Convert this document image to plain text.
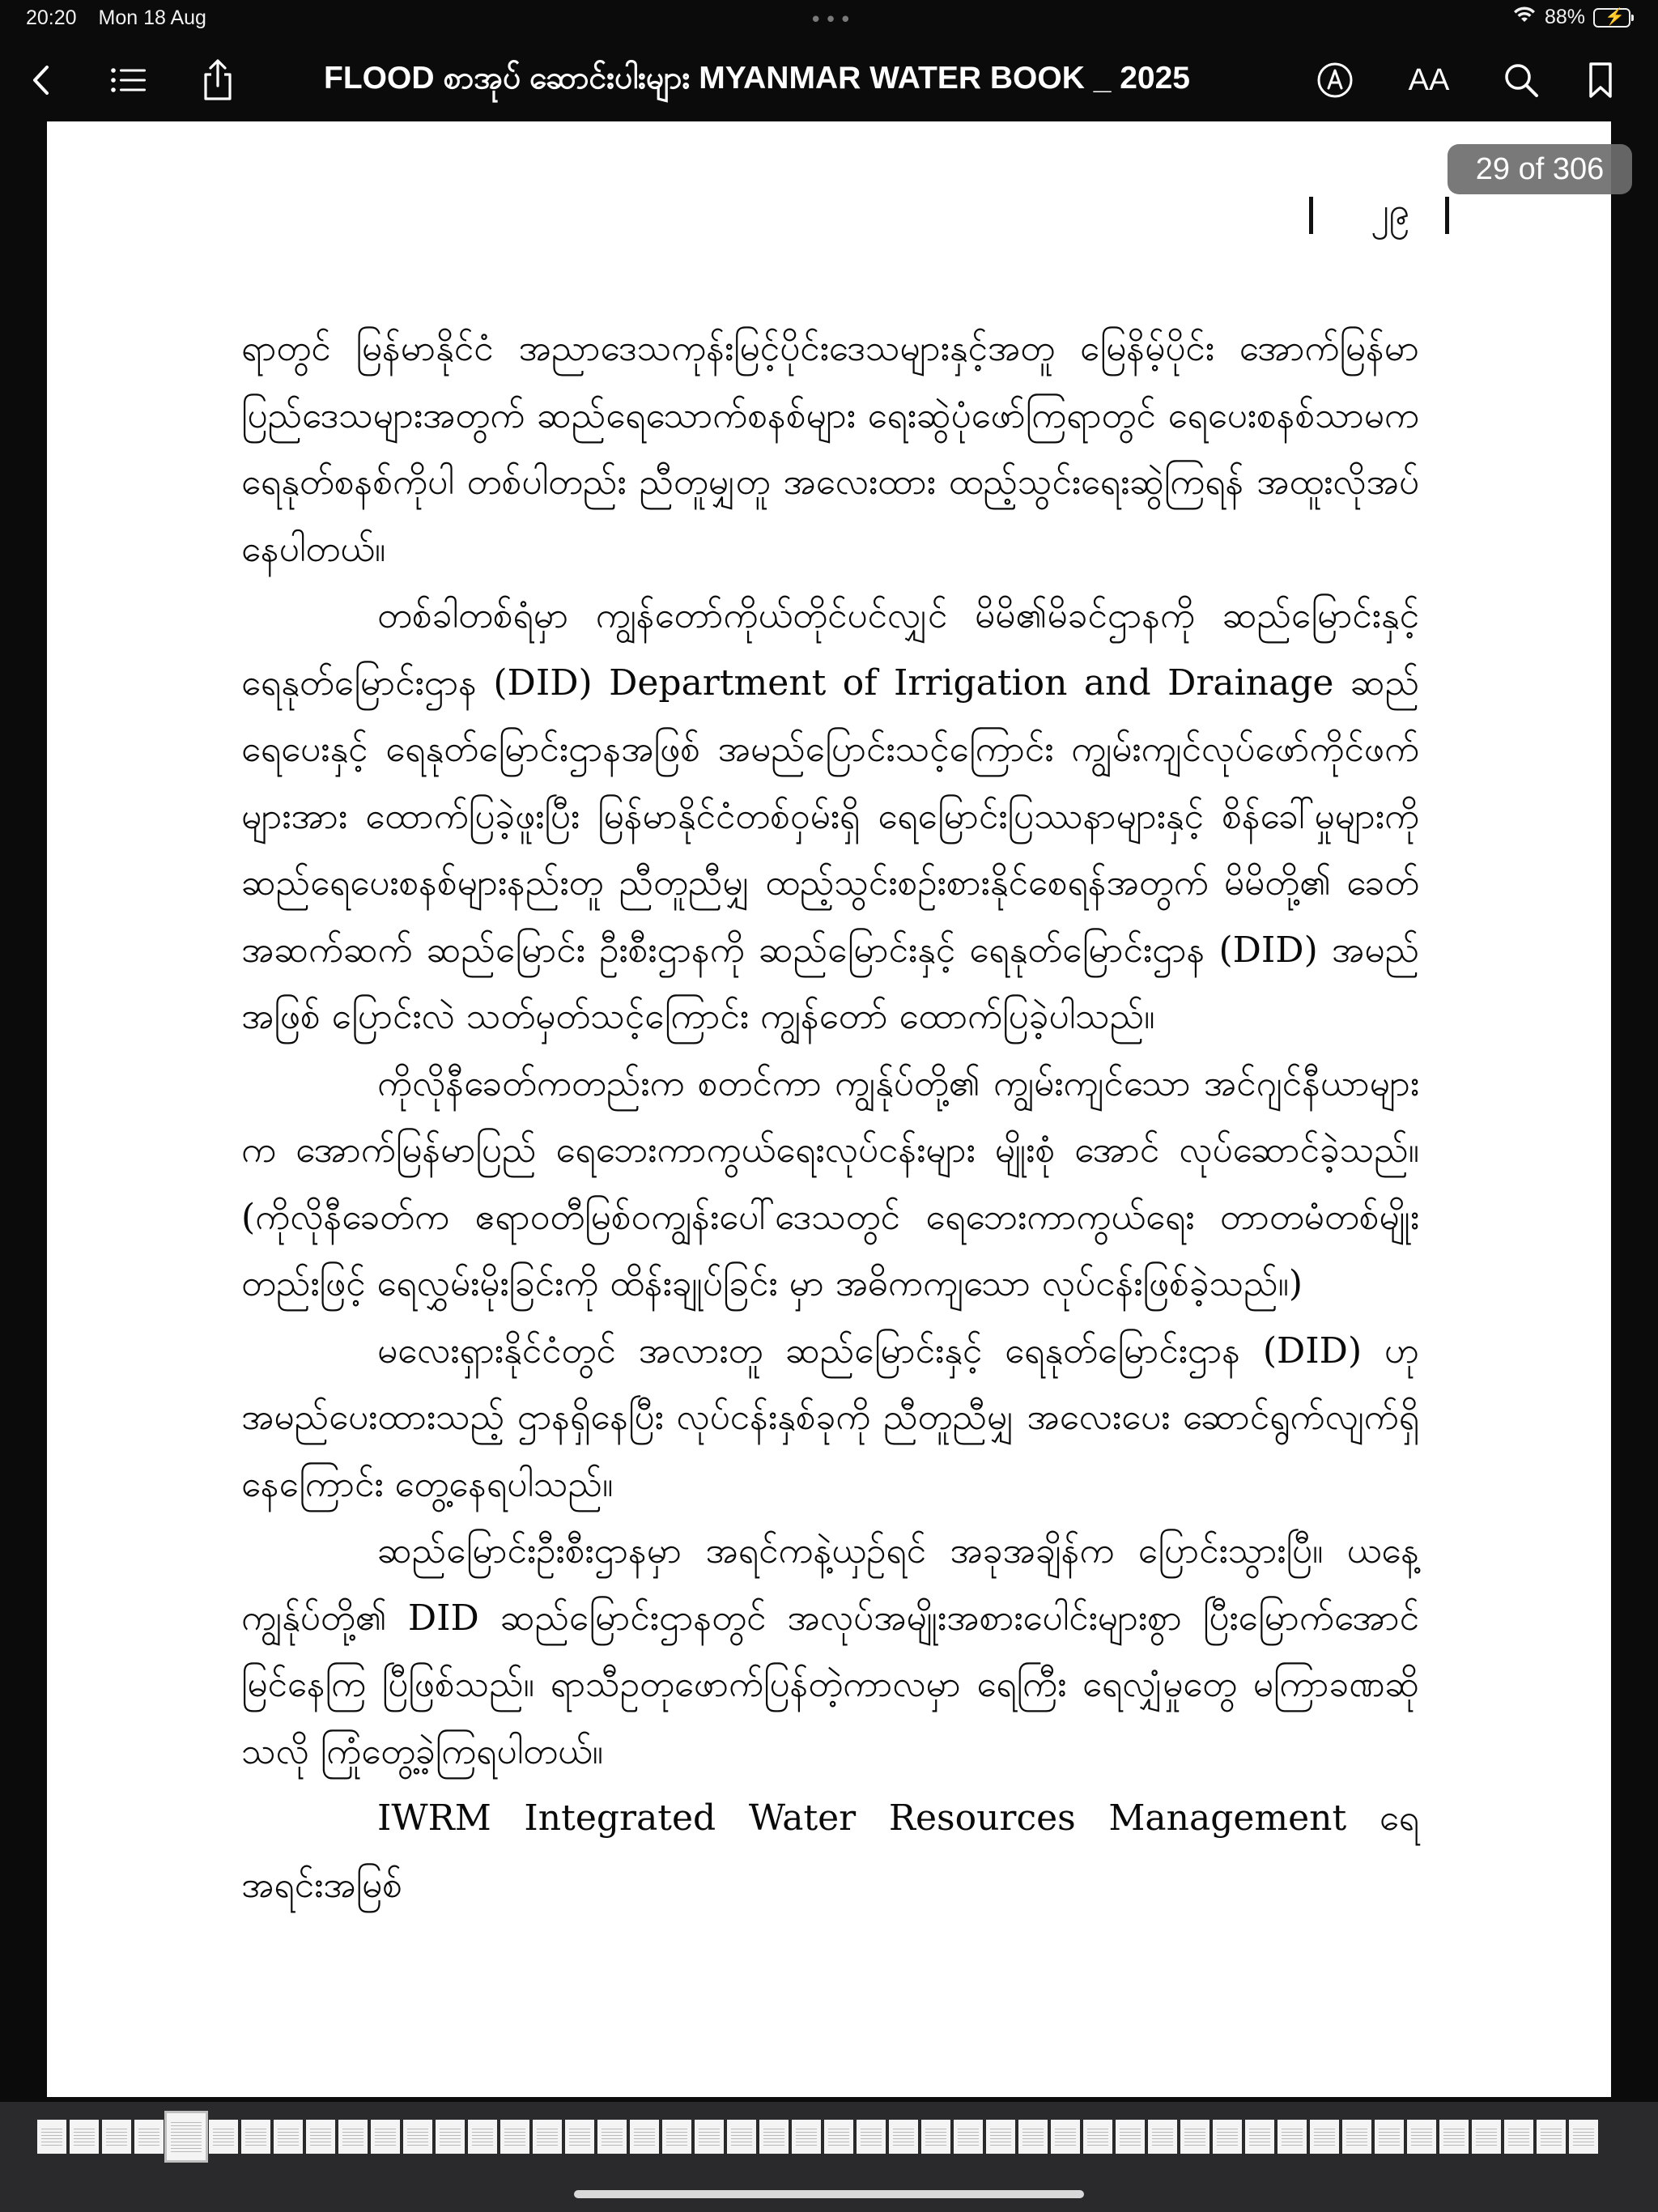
20:20 Mon 18 Aug	•••	88% ⚡
FLOOD စာအုပ် ဆောင်းပါးများ MYANMAR WATER BOOK _ 2025	AA
၂၉

ရာတွင် မြန်မာနိုင်ငံ အညာဒေသကုန်းမြင့်ပိုင်းဒေသများနှင့်အတူ မြေနိမ့်ပိုင်း အောက်မြန်မာပြည်ဒေသများအတွက် ဆည်ရေသောက်စနစ်များ ရေးဆွဲပုံဖော်ကြရာတွင် ရေပေးစနစ်သာမက ရေနုတ်စနစ်ကိုပါ တစ်ပါတည်း ညီတူမျှတူ အလေးထား ထည့်သွင်းရေးဆွဲကြရန် အထူးလိုအပ်နေပါတယ်။

တစ်ခါတစ်ရံမှာ ကျွန်တော်ကိုယ်တိုင်ပင်လျှင် မိမိ၏မိခင်ဌာနကို ဆည်မြောင်းနှင့် ရေနုတ်မြောင်းဌာန (DID) Department of Irrigation and Drainage ဆည်ရေပေးနှင့် ရေနုတ်မြောင်းဌာနအဖြစ် အမည်ပြောင်းသင့်ကြောင်း ကျွမ်းကျင်လုပ်ဖော်ကိုင်ဖက်များအား ထောက်ပြခဲ့ဖူးပြီး မြန်မာနိုင်ငံတစ်ဝှမ်းရှိ ရေမြောင်းပြဿနာများနှင့် စိန်ခေါ်မှုများကို ဆည်ရေပေးစနစ်များနည်းတူ ညီတူညီမျှ ထည့်သွင်းစဉ်းစားနိုင်စေရန်အတွက် မိမိတို့၏ ခေတ်အဆက်ဆက် ဆည်မြောင်း ဦးစီးဌာနကို ဆည်မြောင်းနှင့် ရေနုတ်မြောင်းဌာန (DID) အမည်အဖြစ် ပြောင်းလဲ သတ်မှတ်သင့်ကြောင်း ကျွန်တော် ထောက်ပြခဲ့ပါသည်။

ကိုလိုနီခေတ်ကတည်းက စတင်ကာ ကျွန်ုပ်တို့၏ ကျွမ်းကျင်သော အင်ဂျင်နီယာများက အောက်မြန်မာပြည် ရေဘေးကာကွယ်ရေးလုပ်ငန်းများ မျိုးစုံ အောင် လုပ်ဆောင်ခဲ့သည်။ (ကိုလိုနီခေတ်က ဧရာဝတီမြစ်ဝကျွန်းပေါ်ဒေသတွင် ရေဘေးကာကွယ်ရေး တာတမံတစ်မျိုးတည်းဖြင့် ရေလွှမ်းမိုးခြင်းကို ထိန်းချုပ်ခြင်း မှာ အဓိကကျသော လုပ်ငန်းဖြစ်ခဲ့သည်။)

မလေးရှားနိုင်ငံတွင် အလားတူ ဆည်မြောင်းနှင့် ရေနုတ်မြောင်းဌာန (DID) ဟု အမည်ပေးထားသည့် ဌာနရှိနေပြီး လုပ်ငန်းနှစ်ခုကို ညီတူညီမျှ အလေးပေး ဆောင်ရွက်လျက်ရှိနေကြောင်း တွေ့နေရပါသည်။

ဆည်မြောင်းဦးစီးဌာနမှာ အရင်ကနဲ့ယှဉ်ရင် အခုအချိန်က ပြောင်းသွားပြီ။ ယနေ့ကျွန်ုပ်တို့၏ DID ဆည်မြောင်းဌာနတွင် အလုပ်အမျိုးအစားပေါင်းများစွာ ပြီးမြောက်အောင်မြင်နေကြ ပြီဖြစ်သည်။ ရာသီဥတုဖောက်ပြန်တဲ့ကာလမှာ ရေကြီး ရေလျှံမှုတွေ မကြာခဏဆိုသလို ကြုံတွေ့ခဲ့ကြရပါတယ်။

IWRM Integrated Water Resources Management ရေအရင်းအမြစ်

29 of 306
